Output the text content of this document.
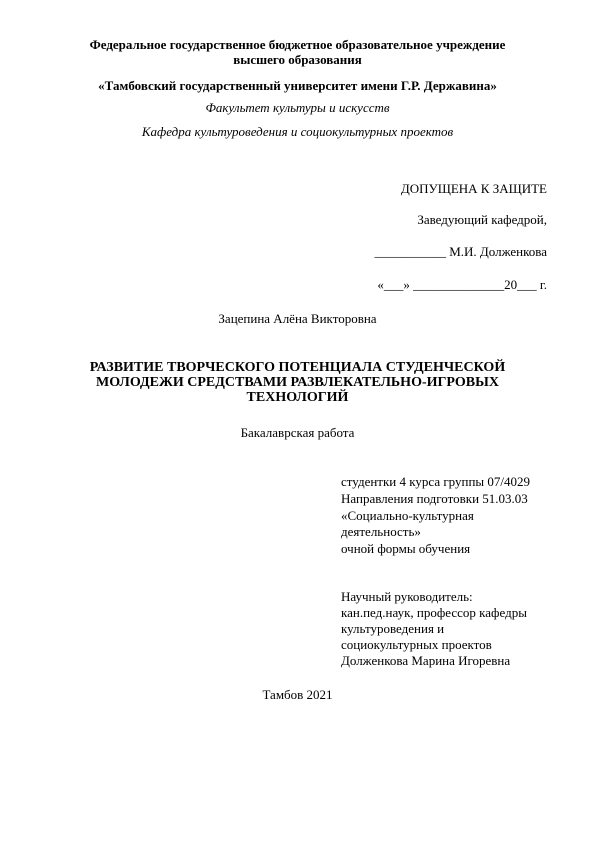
Федеральное государственное бюджетное образовательное учреждение
высшего образования
«Тамбовский государственный университет имени Г.Р. Державина»
Факультет культуры и искусств
Кафедра культуроведения и социокультурных проектов
ДОПУЩЕНА К ЗАЩИТЕ
Заведующий кафедрой,
___________ М.И. Долженкова
«___» ______________20___ г.
Зацепина Алёна Викторовна
РАЗВИТИЕ ТВОРЧЕСКОГО ПОТЕНЦИАЛА СТУДЕНЧЕСКОЙ
МОЛОДЕЖИ СРЕДСТВАМИ РАЗВЛЕКАТЕЛЬНО-ИГРОВЫХ
ТЕХНОЛОГИЙ
Бакалаврская работа
студентки 4 курса группы 07/4029
Направления подготовки 51.03.03
«Социально-культурная
деятельность»
очной формы обучения
Научный руководитель:
кан.пед.наук, профессор кафедры
культуроведения и
социокультурных проектов
Долженкова Марина Игоревна
Тамбов 2021
